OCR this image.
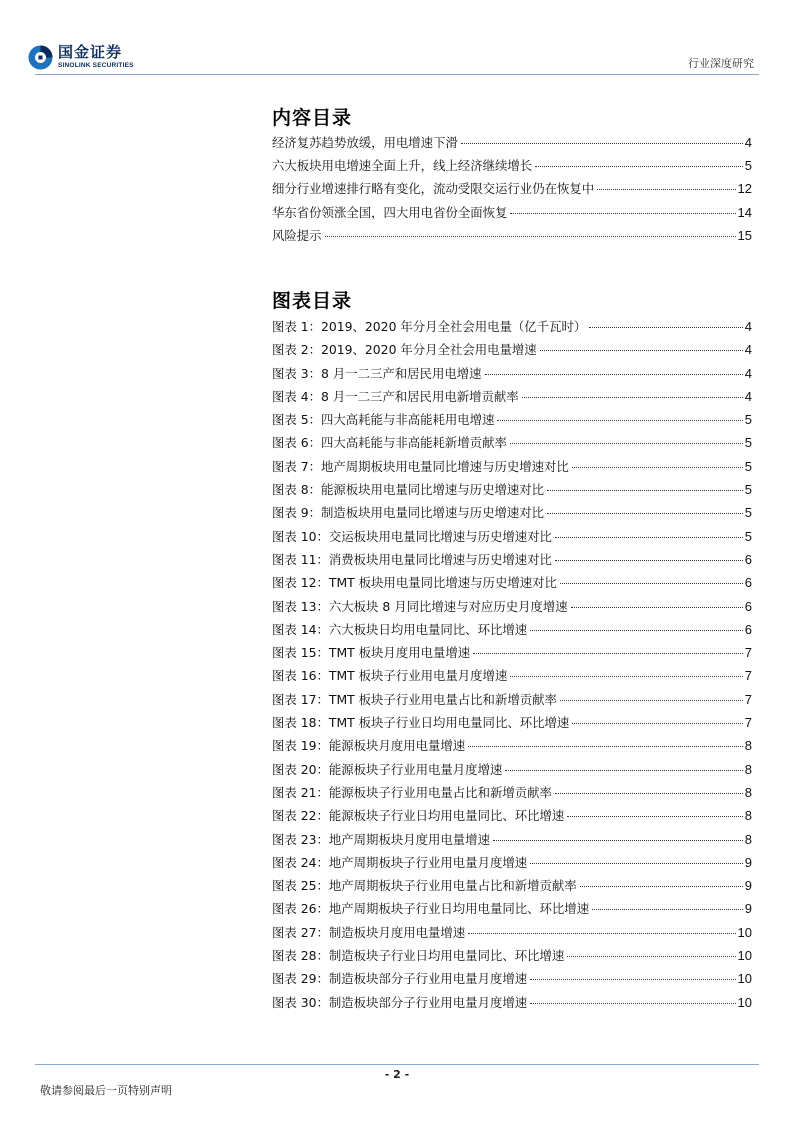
国金证券
SINOLINK SECURITIES	行业深度研究
内容目录
经济复苏趋势放缓，用电增速下滑	4
六大板块用电增速全面上升，线上经济继续增长	5
细分行业增速排行略有变化，流动受限交运行业仍在恢复中	12
华东省份领涨全国，四大用电省份全面恢复	14
风险提示	15
图表目录
图表 1：2019、2020 年分月全社会用电量（亿千瓦时）	4
图表 2：2019、2020 年分月全社会用电量增速	4
图表 3：8 月一二三产和居民用电增速	4
图表 4：8 月一二三产和居民用电新增贡献率	4
图表 5：四大高耗能与非高能耗用电增速	5
图表 6：四大高耗能与非高能耗新增贡献率	5
图表 7：地产周期板块用电量同比增速与历史增速对比	5
图表 8：能源板块用电量同比增速与历史增速对比	5
图表 9：制造板块用电量同比增速与历史增速对比	5
图表 10：交运板块用电量同比增速与历史增速对比	5
图表 11：消费板块用电量同比增速与历史增速对比	6
图表 12：TMT 板块用电量同比增速与历史增速对比	6
图表 13：六大板块 8 月同比增速与对应历史月度增速	6
图表 14：六大板块日均用电量同比、环比增速	6
图表 15：TMT 板块月度用电量增速	7
图表 16：TMT 板块子行业用电量月度增速	7
图表 17：TMT 板块子行业用电量占比和新增贡献率	7
图表 18：TMT 板块子行业日均用电量同比、环比增速	7
图表 19：能源板块月度用电量增速	8
图表 20：能源板块子行业用电量月度增速	8
图表 21：能源板块子行业用电量占比和新增贡献率	8
图表 22：能源板块子行业日均用电量同比、环比增速	8
图表 23：地产周期板块月度用电量增速	8
图表 24：地产周期板块子行业用电量月度增速	9
图表 25：地产周期板块子行业用电量占比和新增贡献率	9
图表 26：地产周期板块子行业日均用电量同比、环比增速	9
图表 27：制造板块月度用电量增速	10
图表 28：制造板块子行业日均用电量同比、环比增速	10
图表 29：制造板块部分子行业用电量月度增速	10
图表 30：制造板块部分子行业用电量月度增速	10
- 2 -
敬请参阅最后一页特别声明
